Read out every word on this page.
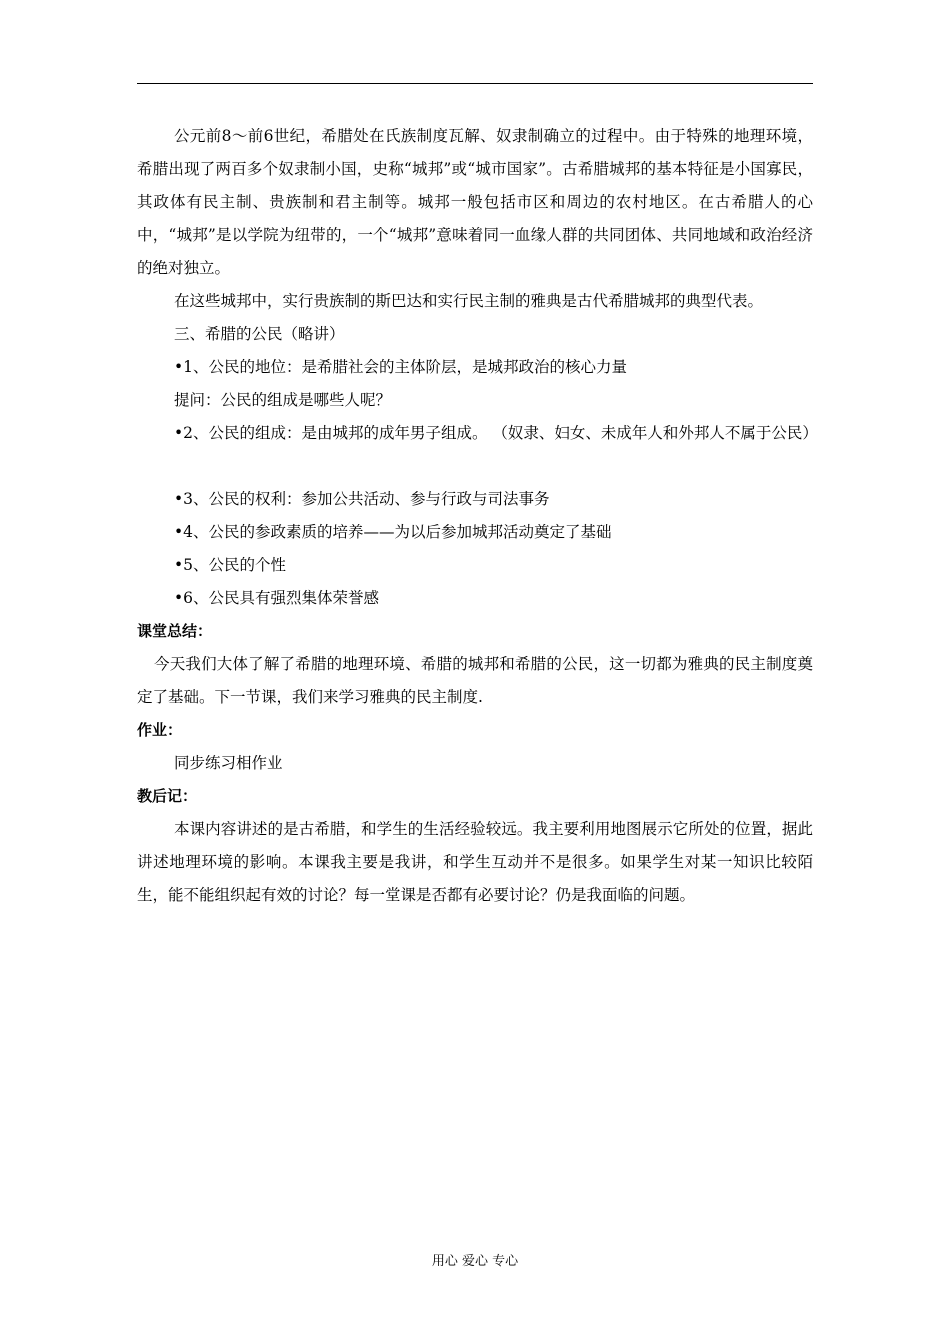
公元前8～前6世纪，希腊处在氏族制度瓦解、奴隶制确立的过程中。由于特殊的地理环境，希腊出现了两百多个奴隶制小国，史称“城邦”或“城市国家”。古希腊城邦的基本特征是小国寡民，其政体有民主制、贵族制和君主制等。城邦一般包括市区和周边的农村地区。在古希腊人的心中，“城邦”是以学院为纽带的，一个“城邦”意味着同一血缘人群的共同团体、共同地域和政治经济的绝对独立。

在这些城邦中，实行贵族制的斯巴达和实行民主制的雅典是古代希腊城邦的典型代表。

三、希腊的公民（略讲）

•1、公民的地位：是希腊社会的主体阶层，是城邦政治的核心力量

提问：公民的组成是哪些人呢？

•2、公民的组成：是由城邦的成年男子组成。 （奴隶、妇女、未成年人和外邦人不属于公民）

•3、公民的权利：参加公共活动、参与行政与司法事务

•4、公民的参政素质的培养——为以后参加城邦活动奠定了基础

•5、公民的个性

•6、公民具有强烈集体荣誉感

课堂总结：

今天我们大体了解了希腊的地理环境、希腊的城邦和希腊的公民，这一切都为雅典的民主制度奠定了基础。下一节课，我们来学习雅典的民主制度.

作业：

同步练习相作业

教后记：

本课内容讲述的是古希腊，和学生的生活经验较远。我主要利用地图展示它所处的位置，据此讲述地理环境的影响。本课我主要是我讲，和学生互动并不是很多。如果学生对某一知识比较陌生，能不能组织起有效的讨论？每一堂课是否都有必要讨论？仍是我面临的问题。

用心 爱心 专心
